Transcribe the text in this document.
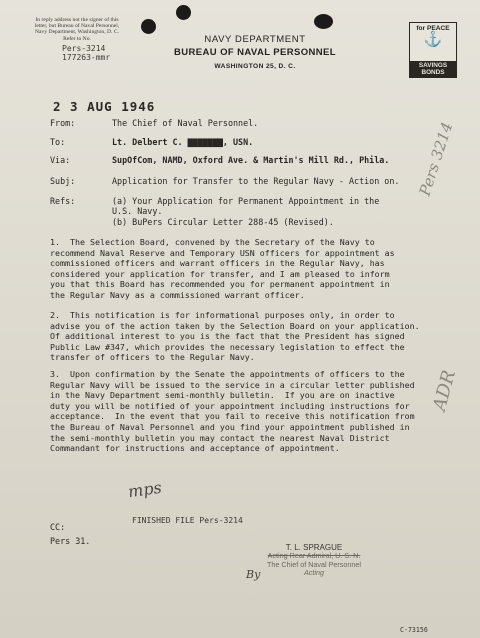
In reply address not the signer of this
letter, but Bureau of Naval Personnel,
Navy Department, Washington, D. C.
Refer to No.
Pers-3214
177263-mmr
NAVY DEPARTMENT
BUREAU OF NAVAL PERSONNEL
WASHINGTON 25, D. C.
for PEACE
⚓
SAVINGS BONDS
2 3 AUG 1946
From:	The Chief of Naval Personnel.
To:	Lt. Delbert C. ▇▇▇▇▇▇▇, USN.
Via:	SupOfCom, NAMD, Oxford Ave. & Martin's Mill Rd., Phila.
Subj:	Application for Transfer to the Regular Navy - Action on.
Refs:	(a) Your Application for Permanent Appointment in the
U.S. Navy.
(b) BuPers Circular Letter 288-45 (Revised).
1.  The Selection Board, convened by the Secretary of the Navy to
recommend Naval Reserve and Temporary USN officers for appointment as
commissioned officers and warrant officers in the Regular Navy, has
considered your application for transfer, and I am pleased to inform
you that this Board has recommended you for permanent appointment in
the Regular Navy as a commissioned warrant officer.
2.  This notification is for informational purposes only, in order to
advise you of the action taken by the Selection Board on your application.
Of additional interest to you is the fact that the President has signed
Public Law #347, which provides the necessary legislation to effect the
transfer of officers to the Regular Navy.
3.  Upon confirmation by the Senate the appointments of officers to the
Regular Navy will be issued to the service in a circular letter published
in the Navy Department semi-monthly bulletin.  If you are on inactive
duty you will be notified of your appointment including instructions for
acceptance.  In the event that you fail to receive this notification from
the Bureau of Naval Personnel and you find your appointment published in
the semi-monthly bulletin you may contact the nearest Naval District
Commandant for instructions and acceptance of appointment.
mps
FINISHED FILE Pers-3214
CC:
Pers 31.
By
T. L. SPRAGUE
Acting Rear Admiral, U. S. N.
The Chief of Naval Personnel
Acting
Pers 3214
ADR
C-73156
